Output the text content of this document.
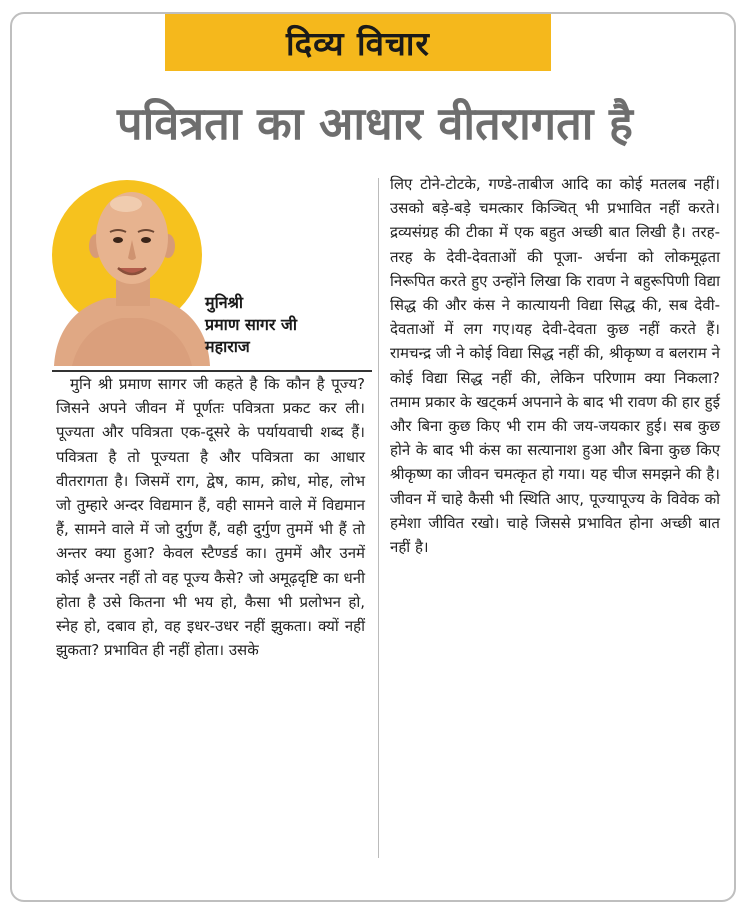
दिव्य विचार
पवित्रता का आधार वीतरागता है
मुनिश्री
प्रमाण सागर जी
महाराज

मुनि श्री प्रमाण सागर जी कहते है कि कौन है पूज्य? जिसने अपने जीवन में पूर्णतः पवित्रता प्रकट कर ली। पूज्यता और पवित्रता एक-दूसरे के पर्यायवाची शब्द हैं। पवित्रता है तो पूज्यता है और पवित्रता का आधार वीतरागता है। जिसमें राग, द्वेष, काम, क्रोध, मोह, लोभ जो तुम्हारे अन्दर विद्यमान हैं, वही सामने वाले में विद्यमान हैं, सामने वाले में जो दुर्गुण हैं, वही दुर्गुण तुममें भी हैं तो अन्तर क्या हुआ? केवल स्टैण्डर्ड का। तुममें और उनमें कोई अन्तर नहीं तो वह पूज्य कैसे? जो अमूढ़दृष्टि का धनी होता है उसे कितना भी भय हो, कैसा भी प्रलोभन हो, स्नेह हो, दबाव हो, वह इधर-उधर नहीं झुकता। क्यों नहीं झुकता? प्रभावित ही नहीं होता। उसके

लिए टोने-टोटके, गण्डे-ताबीज आदि का कोई मतलब नहीं। उसको बड़े-बड़े चमत्कार किञ्चित् भी प्रभावित नहीं करते। द्रव्यसंग्रह की टीका में एक बहुत अच्छी बात लिखी है। तरह-तरह के देवी-देवताओं की पूजा- अर्चना को लोकमूढ़ता निरूपित करते हुए उन्होंने लिखा कि रावण ने बहुरूपिणी विद्या सिद्ध की और कंस ने कात्यायनी विद्या सिद्ध की, सब देवी-देवताओं में लग गए।यह देवी-देवता कुछ नहीं करते हैं। रामचन्द्र जी ने कोई विद्या सिद्ध नहीं की, श्रीकृष्ण व बलराम ने कोई विद्या सिद्ध नहीं की, लेकिन परिणाम क्या निकला? तमाम प्रकार के खट्कर्म अपनाने के बाद भी रावण की हार हुई और बिना कुछ किए भी राम की जय-जयकार हुई। सब कुछ होने के बाद भी कंस का सत्यानाश हुआ और बिना कुछ किए श्रीकृष्ण का जीवन चमत्कृत हो गया। यह चीज समझने की है। जीवन में चाहे कैसी भी स्थिति आए, पूज्यापूज्य के विवेक को हमेशा जीवित रखो। चाहे जिससे प्रभावित होना अच्छी बात नहीं है।
